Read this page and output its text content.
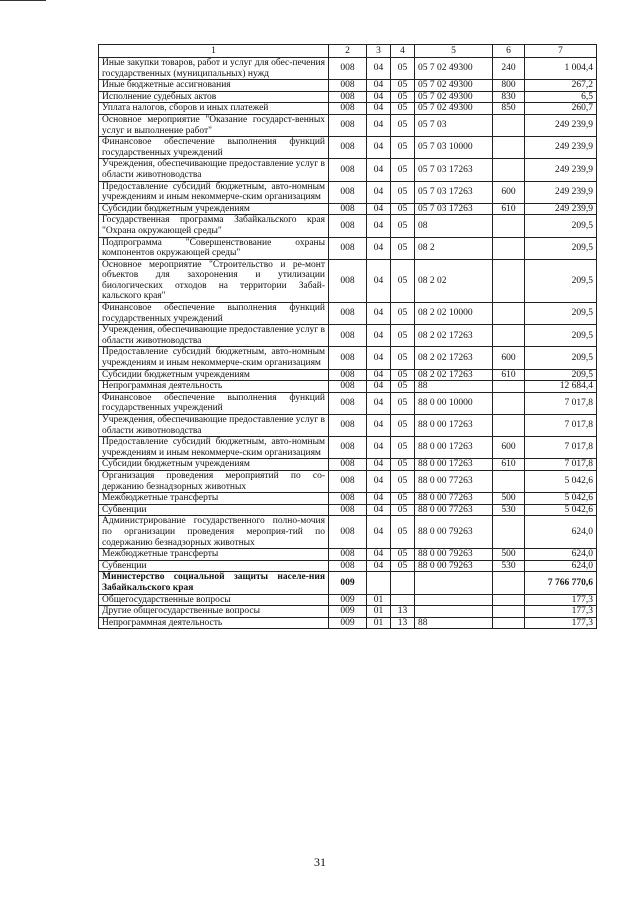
1	2	3	4	5	6	7
Иные закупки товаров, работ и услуг для обес-печения государственных (муниципальных) нужд	008	04	05	05 7 02 49300	240	1 004,4
Иные бюджетные ассигнования	008	04	05	05 7 02 49300	800	267,2
Исполнение судебных актов	008	04	05	05 7 02 49300	830	6,5
Уплата налогов, сборов и иных платежей	008	04	05	05 7 02 49300	850	260,7
Основное мероприятие "Оказание государст-венных услуг и выполнение работ"	008	04	05	05 7 03		249 239,9
Финансовое обеспечение выполнения функций государственных учреждений	008	04	05	05 7 03 10000		249 239,9
Учреждения, обеспечивающие предоставление услуг в области животноводства	008	04	05	05 7 03 17263		249 239,9
Предоставление субсидий бюджетным, авто-номным учреждениям и иным некоммерче-ским организациям	008	04	05	05 7 03 17263	600	249 239,9
Субсидии бюджетным учреждениям	008	04	05	05 7 03 17263	610	249 239,9
Государственная программа Забайкальского края "Охрана окружающей среды"	008	04	05	08		209,5
Подпрограмма "Совершенствование охраны компонентов окружающей среды"	008	04	05	08 2		209,5
Основное мероприятие "Строительство и ре-монт объектов для захоронения и утилизации биологических отходов на территории Забай-кальского края"	008	04	05	08 2 02		209,5
Финансовое обеспечение выполнения функций государственных учреждений	008	04	05	08 2 02 10000		209,5
Учреждения, обеспечивающие предоставление услуг в области животноводства	008	04	05	08 2 02 17263		209,5
Предоставление субсидий бюджетным, авто-номным учреждениям и иным некоммерче-ским организациям	008	04	05	08 2 02 17263	600	209,5
Субсидии бюджетным учреждениям	008	04	05	08 2 02 17263	610	209,5
Непрограммная деятельность	008	04	05	88		12 684,4
Финансовое обеспечение выполнения функций государственных учреждений	008	04	05	88 0 00 10000		7 017,8
Учреждения, обеспечивающие предоставление услуг в области животноводства	008	04	05	88 0 00 17263		7 017,8
Предоставление субсидий бюджетным, авто-номным учреждениям и иным некоммерче-ским организациям	008	04	05	88 0 00 17263	600	7 017,8
Субсидии бюджетным учреждениям	008	04	05	88 0 00 17263	610	7 017,8
Организация проведения мероприятий по со-держанию безнадзорных животных	008	04	05	88 0 00 77263		5 042,6
Межбюджетные трансферты	008	04	05	88 0 00 77263	500	5 042,6
Субвенции	008	04	05	88 0 00 77263	530	5 042,6
Администрирование государственного полно-мочия по организации проведения мероприя-тий по содержанию безнадзорных животных	008	04	05	88 0 00 79263		624,0
Межбюджетные трансферты	008	04	05	88 0 00 79263	500	624,0
Субвенции	008	04	05	88 0 00 79263	530	624,0
Министерство социальной защиты населе-ния Забайкальского края	009					7 766 770,6
Общегосударственные вопросы	009	01				177,3
Другие общегосударственные вопросы	009	01	13			177,3
Непрограммная деятельность	009	01	13	88		177,3
31
